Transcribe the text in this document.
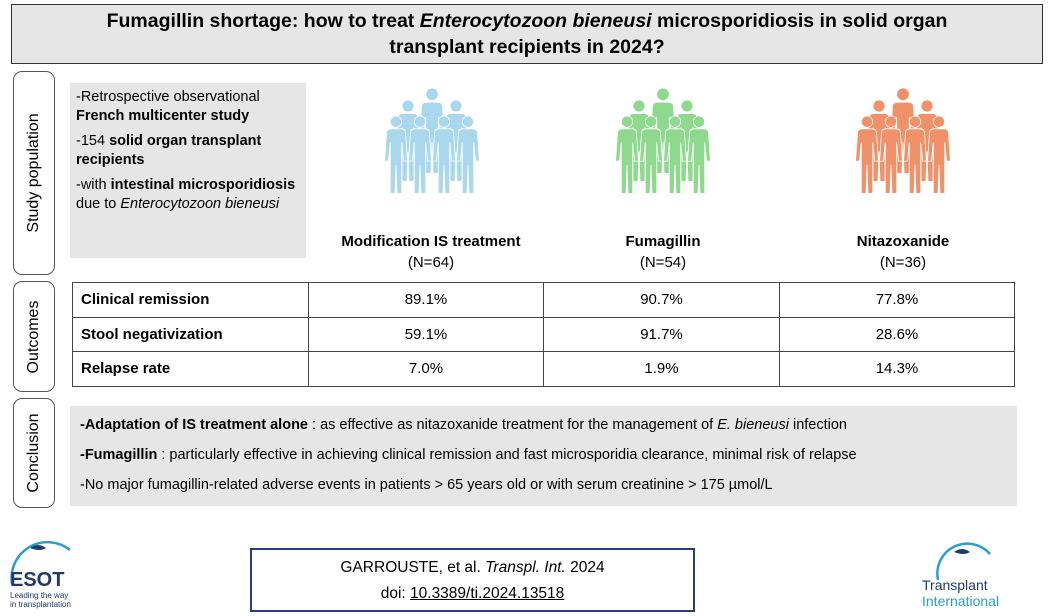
Fumagillin shortage: how to treat Enterocytozoon bieneusi microsporidiosis in solid organ
transplant recipients in 2024?
Study population
Outcomes
Conclusion

-Retrospective observational
French multicenter study

-154 solid organ transplant recipients

-with intestinal microsporidiosis due to Enterocytozoon bieneusi

Modification IS treatment
(N=64)
Fumagillin
(N=54)
Nitazoxanide
(N=36)
Clinical remission	89.1%	90.7%	77.8%
Stool negativization	59.1%	91.7%	28.6%
Relapse rate	7.0%	1.9%	14.3%

-Adaptation of IS treatment alone : as effective as nitazoxanide treatment for the management of E. bieneusi infection

-Fumagillin : particularly effective in achieving clinical remission and fast microsporidia clearance, minimal risk of relapse

-No major fumagillin-related adverse events in patients > 65 years old or with serum creatinine > 175 µmol/L

GARROUSTE, et al. Transpl. Int. 2024
doi: 10.3389/ti.2024.13518
ESOT
Leading the way
in transplantation
Transplant
International
